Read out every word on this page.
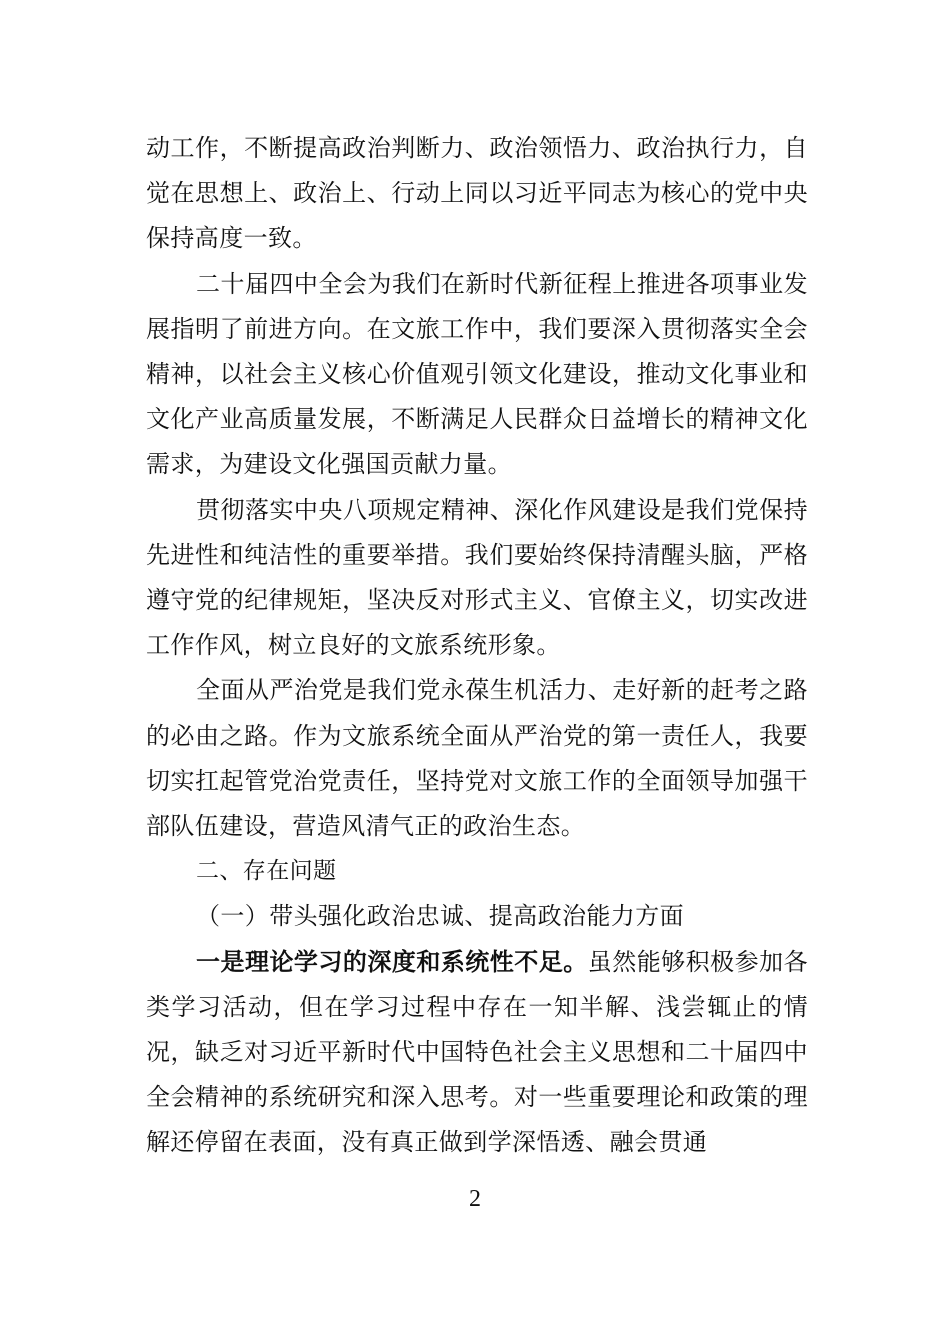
动工作，不断提高政治判断力、政治领悟力、政治执行力，自觉在思想上、政治上、行动上同以习近平同志为核心的党中央保持高度一致。

二十届四中全会为我们在新时代新征程上推进各项事业发展指明了前进方向。在文旅工作中，我们要深入贯彻落实全会精神，以社会主义核心价值观引领文化建设，推动文化事业和文化产业高质量发展，不断满足人民群众日益增长的精神文化需求，为建设文化强国贡献力量。

贯彻落实中央八项规定精神、深化作风建设是我们党保持先进性和纯洁性的重要举措。我们要始终保持清醒头脑，严格遵守党的纪律规矩，坚决反对形式主义、官僚主义，切实改进工作作风，树立良好的文旅系统形象。

全面从严治党是我们党永葆生机活力、走好新的赶考之路的必由之路。作为文旅系统全面从严治党的第一责任人，我要切实扛起管党治党责任，坚持党对文旅工作的全面领导加强干部队伍建设，营造风清气正的政治生态。

二、存在问题

（一）带头强化政治忠诚、提高政治能力方面

一是理论学习的深度和系统性不足。虽然能够积极参加各类学习活动，但在学习过程中存在一知半解、浅尝辄止的情况，缺乏对习近平新时代中国特色社会主义思想和二十届四中全会精神的系统研究和深入思考。对一些重要理论和政策的理解还停留在表面，没有真正做到学深悟透、融会贯通

2
